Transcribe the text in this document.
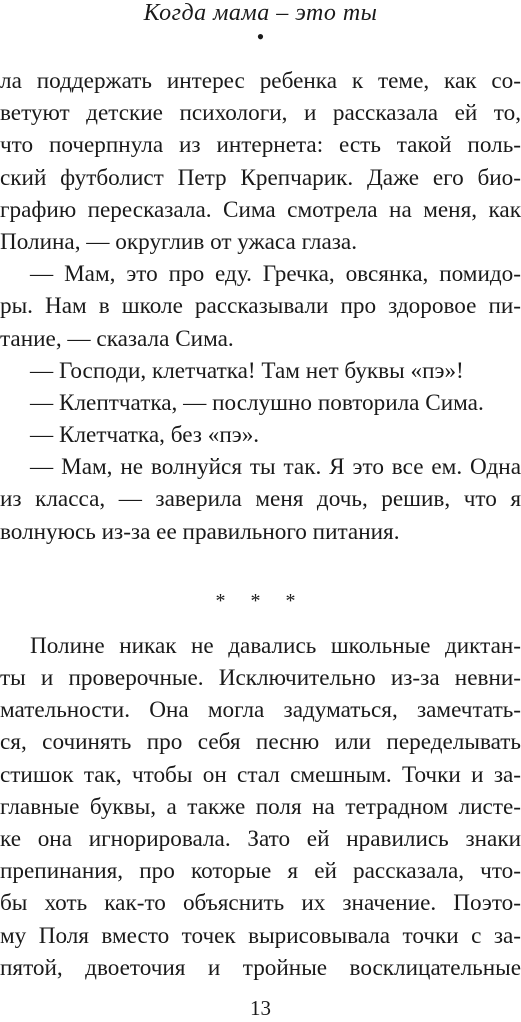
Когда мама – это ты
•
ла поддержать интерес ребенка к теме, как со-
ветуют детские психологи, и рассказала ей то,
что почерпнула из интернета: есть такой поль-
ский футболист Петр Крепчарик. Даже его био-
графию пересказала. Сима смотрела на меня, как
Полина, — округлив от ужаса глаза.
— Мам, это про еду. Гречка, овсянка, помидо-
ры. Нам в школе рассказывали про здоровое пи-
тание, — сказала Сима.
— Господи, клетчатка! Там нет буквы «пэ»!
— Клептчатка, — послушно повторила Сима.
— Клетчатка, без «пэ».
— Мам, не волнуйся ты так. Я это все ем. Одна
из класса, — заверила меня дочь, решив, что я
волнуюсь из-за ее правильного питания.
* * *
Полине никак не давались школьные диктан-
ты и проверочные. Исключительно из-за невни-
мательности. Она могла задуматься, замечтать-
ся, сочинять про себя песню или переделывать
стишок так, чтобы он стал смешным. Точки и за-
главные буквы, а также поля на тетрадном листе-
ке она игнорировала. Зато ей нравились знаки
препинания, про которые я ей рассказала, что-
бы хоть как-то объяснить их значение. Поэто-
му Поля вместо точек вырисовывала точки с за-
пятой, двоеточия и тройные восклицательные
13
